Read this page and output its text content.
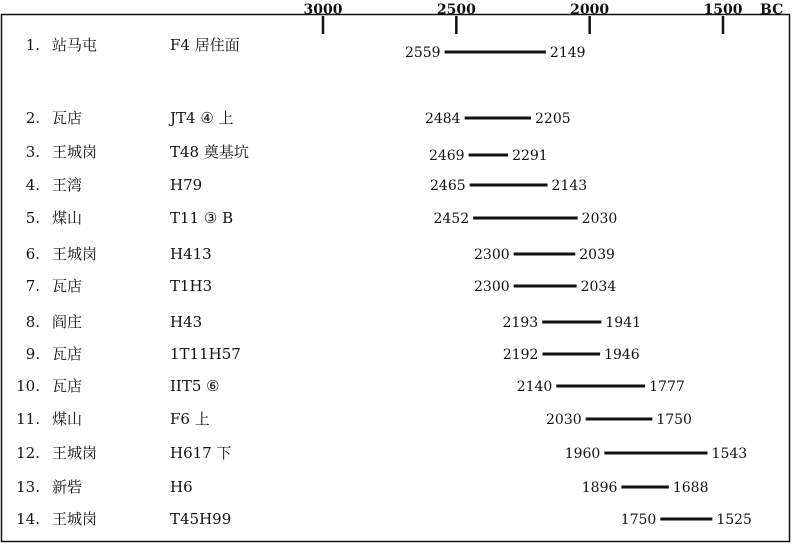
BC
3000	2500	2000	1500
1. 站马屯	F4 居住面	2559	2149
2. 瓦店	JT4 ④ 上	2484	2205
3. 王城岗	T48 奠基坑	2469	2291
4. 王湾	H79	2465	2143
5. 煤山	T11 ③ B	2452	2030
6. 王城岗	H413	2300	2039
7. 瓦店	T1H3	2300	2034
8. 阎庄	H43	2193	1941
9. 瓦店	1T11H57	2192	1946
10. 瓦店	IIT5 ⑥	2140	1777
11. 煤山	F6 上	2030	1750
12. 王城岗	H617 下	1960	1543
13. 新砦	H6	1896	1688
14. 王城岗	T45H99	1750	1525
